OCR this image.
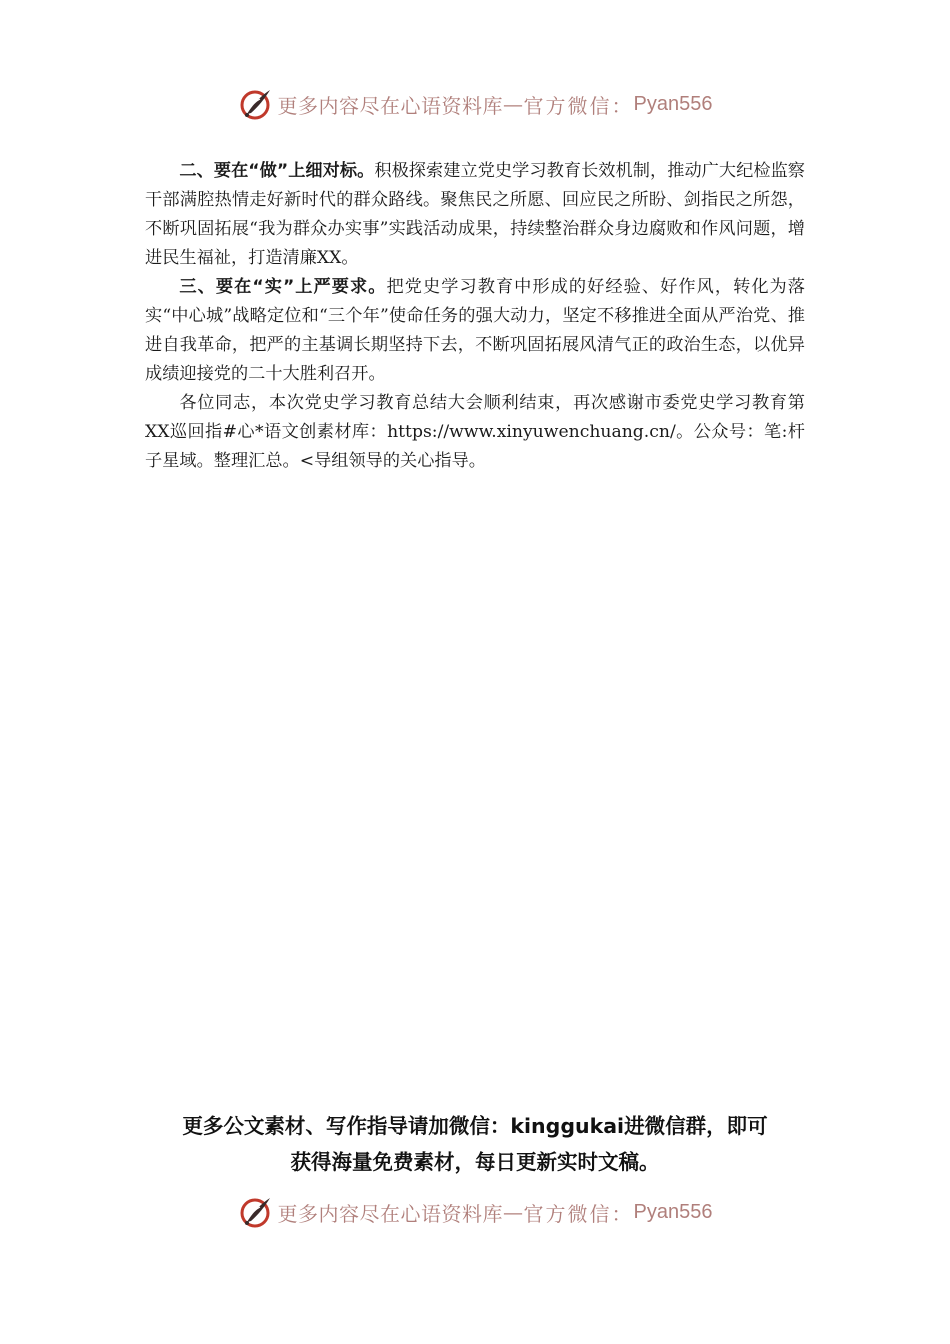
更多内容尽在心语资料库 — 官方微信： Pyan556

二、要在“做”上细对标。积极探索建立党史学习教育长效机制，推动广大纪检监察干部满腔热情走好新时代的群众路线。聚焦民之所愿、回应民之所盼、剑指民之所怨，不断巩固拓展“我为群众办实事”实践活动成果，持续整治群众身边腐败和作风问题，增进民生福祉，打造清廉XX。

三、要在“实”上严要求。把党史学习教育中形成的好经验、好作风，转化为落实“中心城”战略定位和“三个年”使命任务的强大动力，坚定不移推进全面从严治党、推进自我革命，把严的主基调长期坚持下去，不断巩固拓展风清气正的政治生态，以优异成绩迎接党的二十大胜利召开。

各位同志，本次党史学习教育总结大会顺利结束，再次感谢市委党史学习教育第XX巡回指#心*语文创素材库：https://www.xinyuwenchuang.cn/。公众号：笔:杆子星域。整理汇总。<导组领导的关心指导。

更多公文素材、写作指导请加微信：kinggukai进微信群，即可
获得海量免费素材，每日更新实时文稿。
更多内容尽在心语资料库 — 官方微信： Pyan556
